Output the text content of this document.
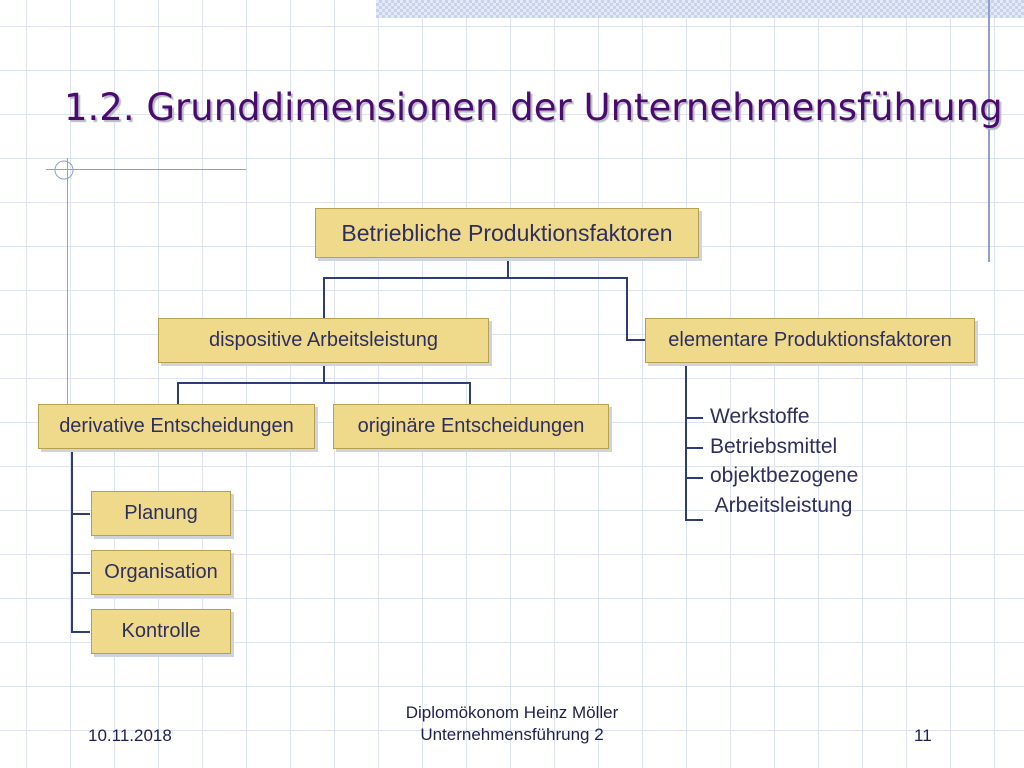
1.2. Grunddimensionen der Unternehmensführung
Betriebliche Produktionsfaktoren
dispositive Arbeitsleistung	elementare Produktionsfaktoren
derivative Entscheidungen	originäre Entscheidungen
Planung
Organisation
Kontrolle
Werkstoffe
Betriebsmittel
objektbezogene
Arbeitsleistung
10.11.2018
Diplomökonom Heinz Möller
Unternehmensführung 2	11
